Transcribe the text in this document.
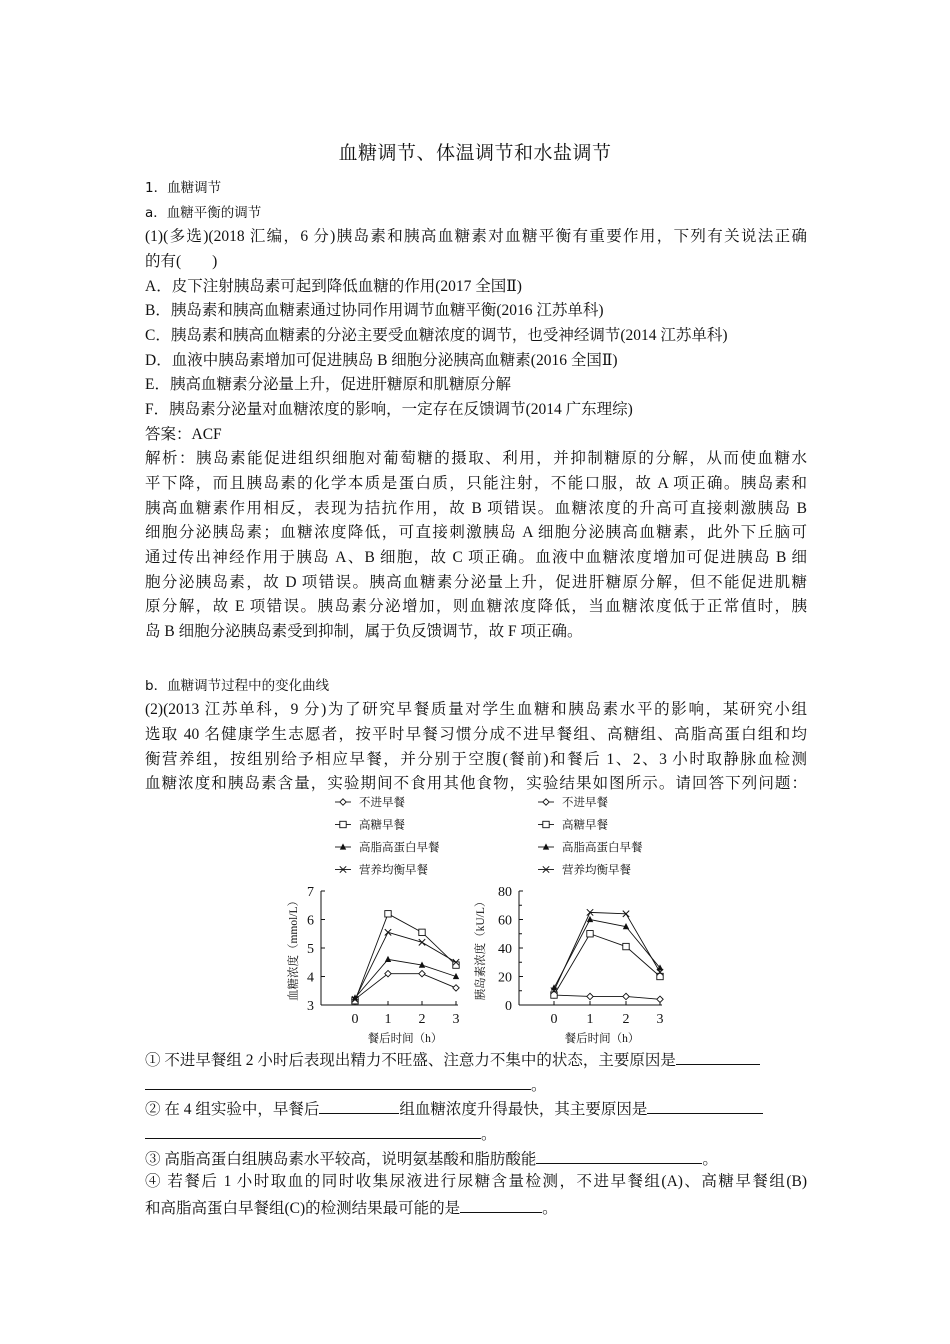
血糖调节、体温调节和水盐调节
1．血糖调节
a．血糖平衡的调节
(1)(多选)(2018 汇编，6 分)胰岛素和胰高血糖素对血糖平衡有重要作用，下列有关说法正确
的有(　　)
A．皮下注射胰岛素可起到降低血糖的作用(2017 全国Ⅱ)
B．胰岛素和胰高血糖素通过协同作用调节血糖平衡(2016 江苏单科)
C．胰岛素和胰高血糖素的分泌主要受血糖浓度的调节，也受神经调节(2014 江苏单科)
D．血液中胰岛素增加可促进胰岛 B 细胞分泌胰高血糖素(2016 全国Ⅱ)
E．胰高血糖素分泌量上升，促进肝糖原和肌糖原分解
F．胰岛素分泌量对血糖浓度的影响，一定存在反馈调节(2014 广东理综)
答案：ACF
解析：胰岛素能促进组织细胞对葡萄糖的摄取、利用，并抑制糖原的分解，从而使血糖水
平下降，而且胰岛素的化学本质是蛋白质，只能注射，不能口服，故 A 项正确。胰岛素和
胰高血糖素作用相反，表现为拮抗作用，故 B 项错误。血糖浓度的升高可直接刺激胰岛 B
细胞分泌胰岛素；血糖浓度降低，可直接刺激胰岛 A 细胞分泌胰高血糖素，此外下丘脑可
通过传出神经作用于胰岛 A、B 细胞，故 C 项正确。血液中血糖浓度增加可促进胰岛 B 细
胞分泌胰岛素，故 D 项错误。胰高血糖素分泌量上升，促进肝糖原分解，但不能促进肌糖
原分解，故 E 项错误。胰岛素分泌增加，则血糖浓度降低，当血糖浓度低于正常值时，胰
岛 B 细胞分泌胰岛素受到抑制，属于负反馈调节，故 F 项正确。
b．血糖调节过程中的变化曲线
(2)(2013 江苏单科，9 分)为了研究早餐质量对学生血糖和胰岛素水平的影响，某研究小组
选取 40 名健康学生志愿者，按平时早餐习惯分成不进早餐组、高糖组、高脂高蛋白组和均
衡营养组，按组别给予相应早餐，并分别于空腹(餐前)和餐后 1、2、3 小时取静脉血检测
血糖浓度和胰岛素含量，实验期间不食用其他食物，实验结果如图所示。请回答下列问题：
3
4
5
6
7
0 1 2 3
餐后时间（h）
血糖浓度（mmol/L）
不进早餐
高糖早餐
高脂高蛋白早餐
营养均衡早餐
0
20
40
60
80
0 1 2 3
餐后时间（h）
胰岛素浓度（kU/L）
不进早餐
高糖早餐
高脂高蛋白早餐
营养均衡早餐
① 不进早餐组 2 小时后表现出精力不旺盛、注意力不集中的状态，主要原因是
。
② 在 4 组实验中，早餐后	组血糖浓度升得最快，其主要原因是
。
③ 高脂高蛋白组胰岛素水平较高，说明氨基酸和脂肪酸能	。
④ 若餐后 1 小时取血的同时收集尿液进行尿糖含量检测，不进早餐组(A)、高糖早餐组(B)
和高脂高蛋白早餐组(C)的检测结果最可能的是	。
